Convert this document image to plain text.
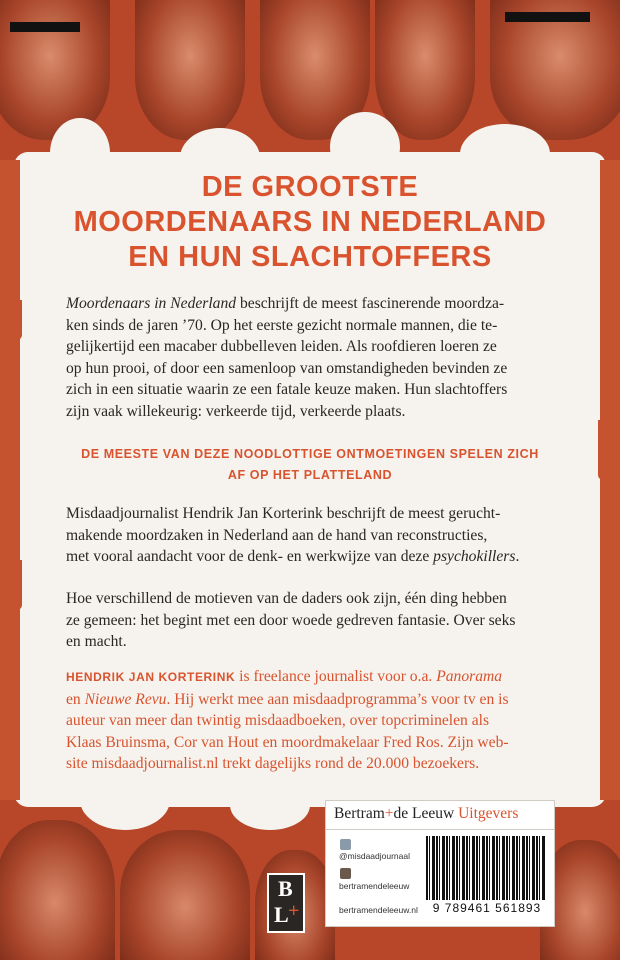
DE GROOTSTE
MOORDENAARS IN NEDERLAND
EN HUN SLACHTOFFERS
Moordenaars in Nederland beschrijft de meest fascinerende moordza-
ken sinds de jaren ’70. Op het eerste gezicht normale mannen, die te-
gelijkertijd een macaber dubbelleven leiden. Als roofdieren loeren ze
op hun prooi, of door een samenloop van omstandigheden bevinden ze
zich in een situatie waarin ze een fatale keuze maken. Hun slachtoffers
zijn vaak willekeurig: verkeerde tijd, verkeerde plaats.
DE MEESTE VAN DEZE NOODLOTTIGE ONTMOETINGEN SPELEN ZICH
AF OP HET PLATTELAND
Misdaadjournalist Hendrik Jan Korterink beschrijft de meest gerucht-
makende moordzaken in Nederland aan de hand van reconstructies,
met vooral aandacht voor de denk- en werkwijze van deze psychokillers.
Hoe verschillend de motieven van de daders ook zijn, één ding hebben
ze gemeen: het begint met een door woede gedreven fantasie. Over seks
en macht.
HENDRIK JAN KORTERINK is freelance journalist voor o.a. Panorama
en Nieuwe Revu. Hij werkt mee aan misdaadprogramma’s voor tv en is
auteur van meer dan twintig misdaadboeken, over topcriminelen als
Klaas Bruinsma, Cor van Hout en moordmakelaar Fred Ros. Zijn web-
site misdaadjournalist.nl trekt dagelijks rond de 20.000 bezoekers.
B
L +
Bertram+de Leeuw Uitgevers
@misdaadjournaal
bertramendeleeuw
bertramendeleeuw.nl	9 789461 561893
